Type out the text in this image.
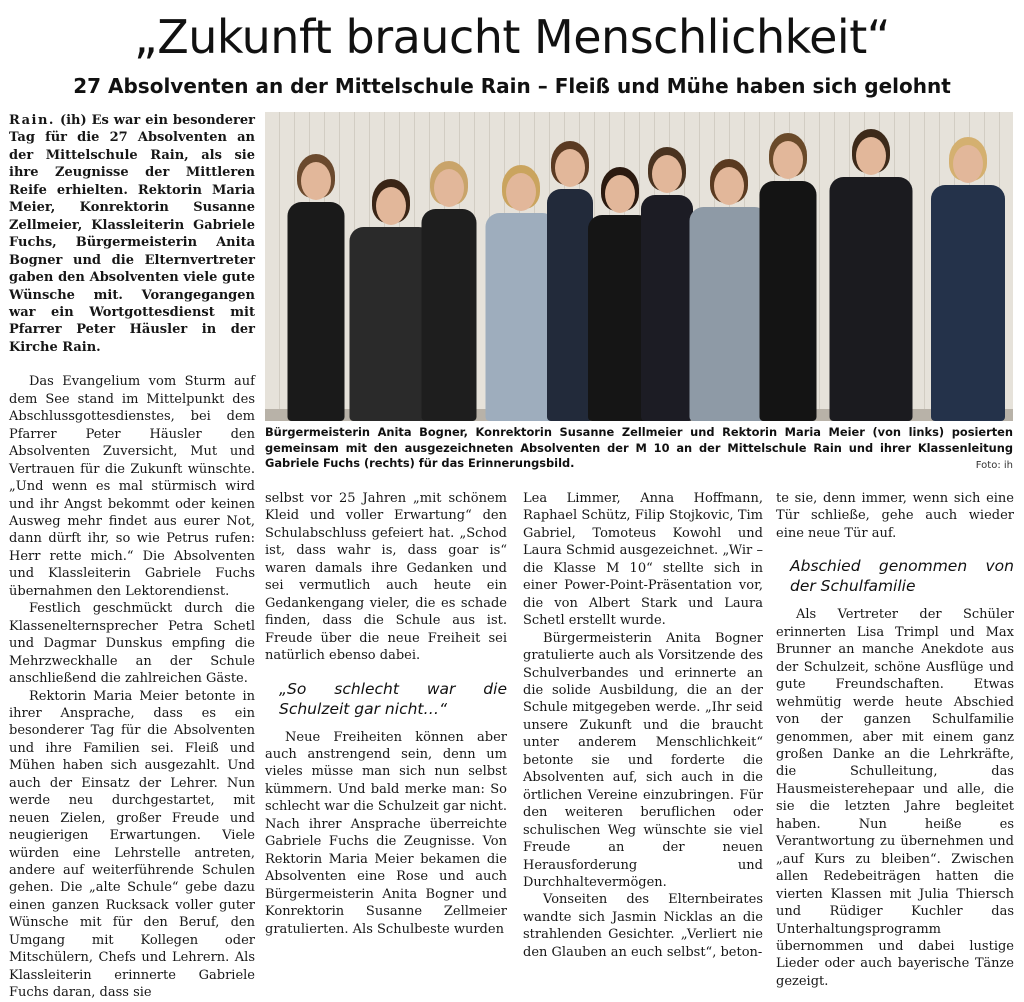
„Zukunft braucht Menschlichkeit“
27 Absolventen an der Mittelschule Rain – Fleiß und Mühe haben sich gelohnt

Rain. (ih) Es war ein besonderer Tag für die 27 Absolventen an der Mittelschule Rain, als sie ihre Zeugnisse der Mittleren Reife erhielten. Rektorin Maria Meier, Konrektorin Susanne Zellmeier, Klassleiterin Gabriele Fuchs, Bürgermeisterin Anita Bogner und die Elternvertreter gaben den Absolventen viele gute Wünsche mit. Vorangegangen war ein Wortgottesdienst mit Pfarrer Peter Häusler in der Kirche Rain.

Das Evangelium vom Sturm auf dem See stand im Mittelpunkt des Abschlussgottesdienstes, bei dem Pfarrer Peter Häusler den Absolventen Zuversicht, Mut und Vertrauen für die Zukunft wünschte. „Und wenn es mal stürmisch wird und ihr Angst bekommt oder keinen Ausweg mehr findet aus eurer Not, dann dürft ihr, so wie Petrus rufen: Herr rette mich.“ Die Absolventen und Klassleiterin Gabriele Fuchs übernahmen den Lektorendienst.

Festlich geschmückt durch die Klassenelternsprecher Petra Schetl und Dagmar Dunskus empfing die Mehrzweckhalle an der Schule anschließend die zahlreichen Gäste.

Rektorin Maria Meier betonte in ihrer Ansprache, dass es ein besonderer Tag für die Absolventen und ihre Familien sei. Fleiß und Mühen haben sich ausgezahlt. Und auch der Einsatz der Lehrer. Nun werde neu durchgestartet, mit neuen Zielen, großer Freude und neugierigen Erwartungen. Viele würden eine Lehrstelle antreten, andere auf weiterführende Schulen gehen. Die „alte Schule“ gebe dazu einen ganzen Rucksack voller guter Wünsche mit für den Beruf, den Umgang mit Kollegen oder Mitschülern, Chefs und Lehrern. Als Klassleiterin erinnerte Gabriele Fuchs daran, dass sie

Bürgermeisterin Anita Bogner, Konrektorin Susanne Zellmeier und Rektorin Maria Meier (von links) posierten gemeinsam mit den ausgezeichneten Absolventen der M 10 an der Mittelschule Rain und ihrer Klassenleitung Gabriele Fuchs (rechts) für das Erinnerungsbild.	Foto: ih

selbst vor 25 Jahren „mit schönem Kleid und voller Erwartung“ den Schulabschluss gefeiert hat. „Schod ist, dass wahr is, dass goar is“ waren damals ihre Gedanken und sei vermutlich auch heute ein Gedankengang vieler, die es schade finden, dass die Schule aus ist. Freude über die neue Freiheit sei natürlich ebenso dabei.

„So schlecht war die Schulzeit gar nicht…“

Neue Freiheiten können aber auch anstrengend sein, denn um vieles müsse man sich nun selbst kümmern. Und bald merke man: So schlecht war die Schulzeit gar nicht. Nach ihrer Ansprache überreichte Gabriele Fuchs die Zeugnisse. Von Rektorin Maria Meier bekamen die Absolventen eine Rose und auch Bürgermeisterin Anita Bogner und Konrektorin Susanne Zellmeier gratulierten. Als Schulbeste wurden

Lea Limmer, Anna Hoffmann, Raphael Schütz, Filip Stojkovic, Tim Gabriel, Tomoteus Kowohl und Laura Schmid ausgezeichnet. „Wir – die Klasse M 10“ stellte sich in einer Power-Point-Präsentation vor, die von Albert Stark und Laura Schetl erstellt wurde.

Bürgermeisterin Anita Bogner gratulierte auch als Vorsitzende des Schulverbandes und erinnerte an die solide Ausbildung, die an der Schule mitgegeben werde. „Ihr seid unsere Zukunft und die braucht unter anderem Menschlichkeit“ betonte sie und forderte die Absolventen auf, sich auch in die örtlichen Vereine einzubringen. Für den weiteren beruflichen oder schulischen Weg wünschte sie viel Freude an der neuen Herausforderung und Durchhaltevermögen.

Vonseiten des Elternbeirates wandte sich Jasmin Nicklas an die strahlenden Gesichter. „Verliert nie den Glauben an euch selbst“, beton-

te sie, denn immer, wenn sich eine Tür schließe, gehe auch wieder eine neue Tür auf.

Abschied genommen von der Schulfamilie

Als Vertreter der Schüler erinnerten Lisa Trimpl und Max Brunner an manche Anekdote aus der Schulzeit, schöne Ausflüge und gute Freundschaften. Etwas wehmütig werde heute Abschied von der ganzen Schulfamilie genommen, aber mit einem ganz großen Danke an die Lehrkräfte, die Schulleitung, das Hausmeisterehepaar und alle, die sie die letzten Jahre begleitet haben. Nun heiße es Verantwortung zu übernehmen und „auf Kurs zu bleiben“. Zwischen allen Redebeiträgen hatten die vierten Klassen mit Julia Thiersch und Rüdiger Kuchler das Unterhaltungsprogramm übernommen und dabei lustige Lieder oder auch bayerische Tänze gezeigt.
